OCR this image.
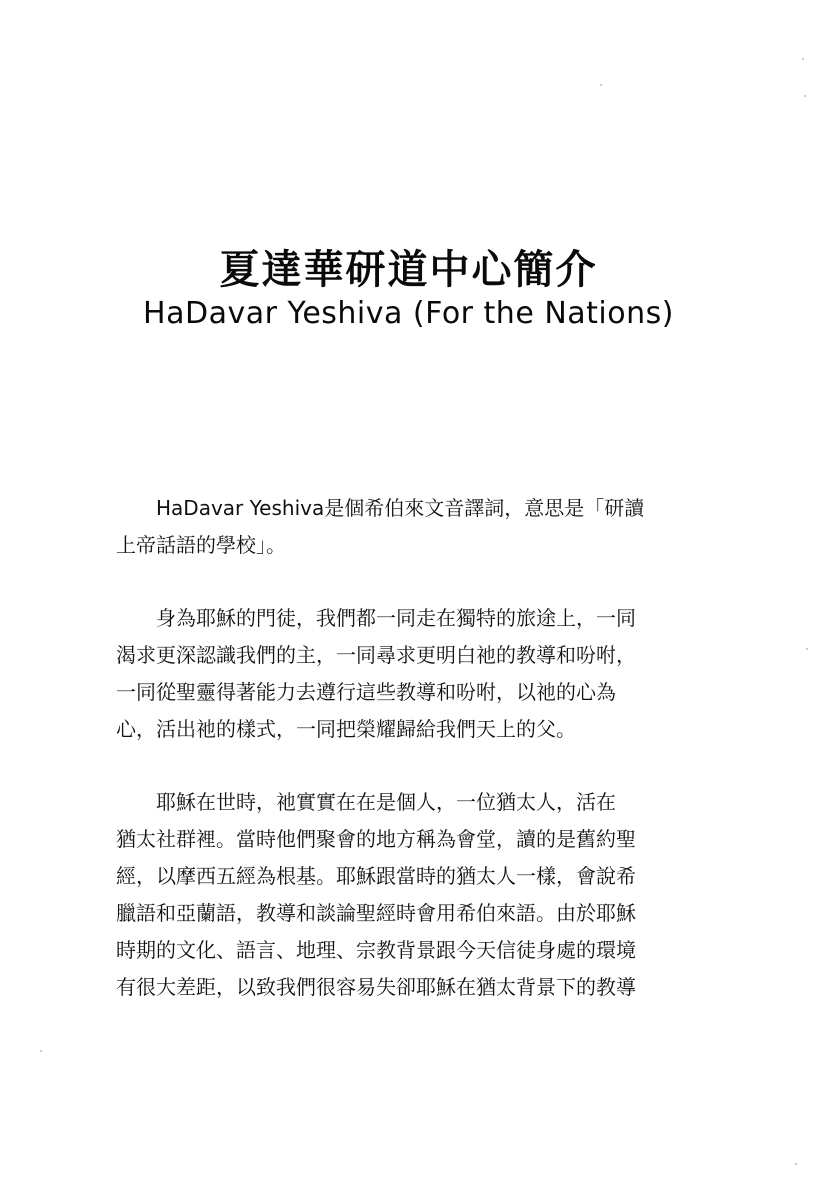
夏達華研道中心簡介
HaDavar Yeshiva (For the Nations)

HaDavar Yeshiva是個希伯來文音譯詞，意思是「研讀
上帝話語的學校」。

身為耶穌的門徒，我們都一同走在獨特的旅途上，一同
渴求更深認識我們的主，一同尋求更明白祂的教導和吩咐，
一同從聖靈得著能力去遵行這些教導和吩咐，以祂的心為
心，活出祂的樣式，一同把榮耀歸給我們天上的父。

耶穌在世時，祂實實在在是個人，一位猶太人，活在
猶太社群裡。當時他們聚會的地方稱為會堂，讀的是舊約聖
經，以摩西五經為根基。耶穌跟當時的猶太人一樣，會說希
臘語和亞蘭語，教導和談論聖經時會用希伯來語。由於耶穌
時期的文化、語言、地理、宗教背景跟今天信徒身處的環境
有很大差距，以致我們很容易失卻耶穌在猶太背景下的教導
